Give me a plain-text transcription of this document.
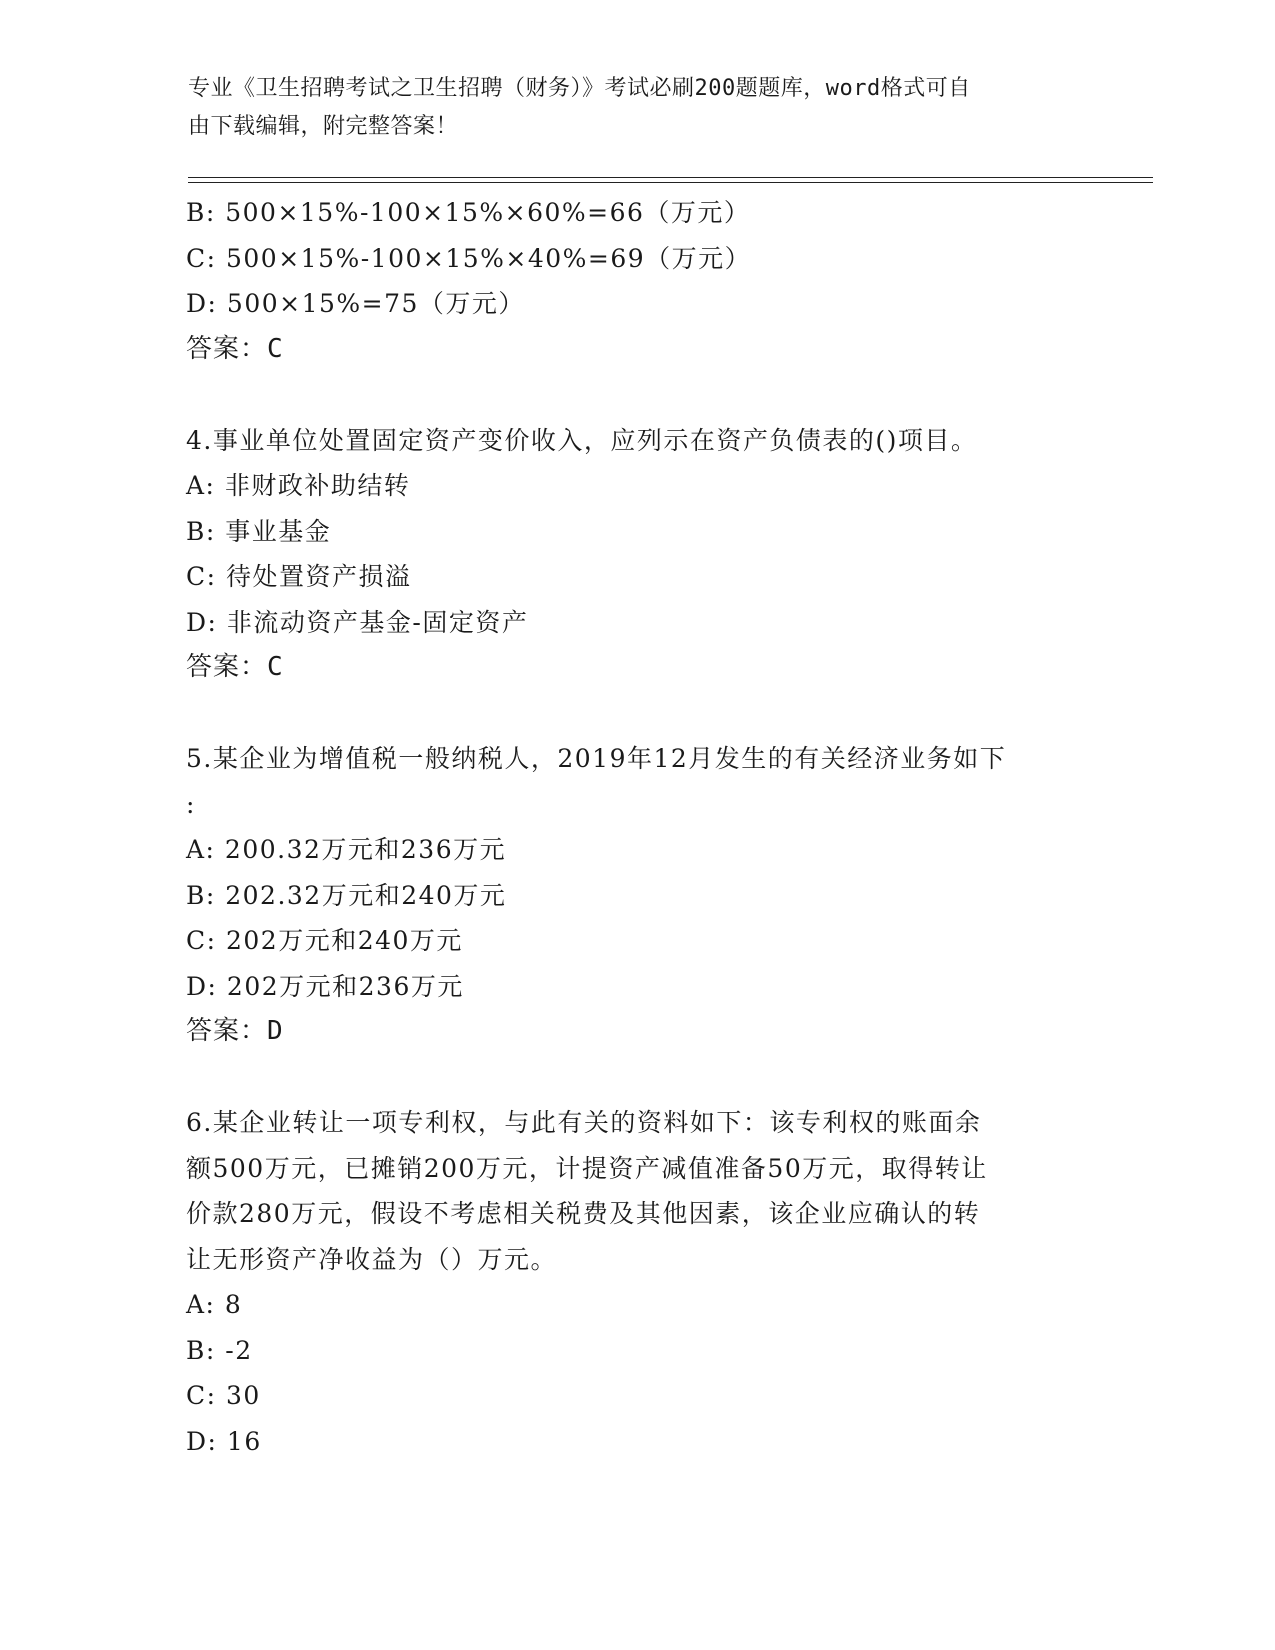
专业《卫生招聘考试之卫生招聘（财务）》考试必刷200题题库，word格式可自
由下载编辑，附完整答案！
B: 500×15%-100×15%×60%=66（万元）
C: 500×15%-100×15%×40%=69（万元）
D: 500×15%=75（万元）
答案：C
4.事业单位处置固定资产变价收入，应列示在资产负债表的()项目。
A: 非财政补助结转
B: 事业基金
C: 待处置资产损溢
D: 非流动资产基金-固定资产
答案：C
5.某企业为增值税一般纳税人，2019年12月发生的有关经济业务如下
:
A: 200.32万元和236万元
B: 202.32万元和240万元
C: 202万元和240万元
D: 202万元和236万元
答案：D
6.某企业转让一项专利权，与此有关的资料如下：该专利权的账面余
额500万元，已摊销200万元，计提资产减值准备50万元，取得转让
价款280万元，假设不考虑相关税费及其他因素，该企业应确认的转
让无形资产净收益为（）万元。
A: 8
B: -2
C: 30
D: 16
